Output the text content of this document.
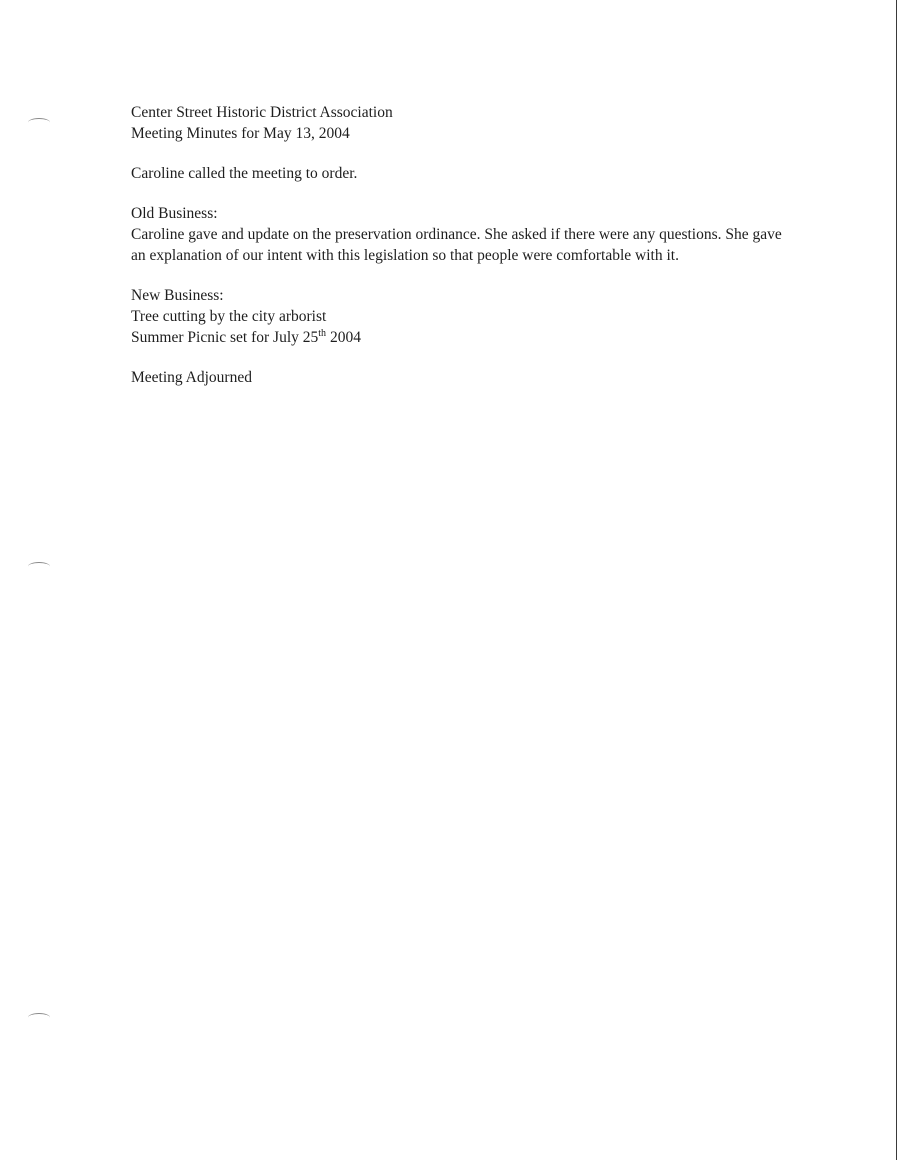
Center Street Historic District Association
Meeting Minutes for May 13, 2004
Caroline called the meeting to order.
Old Business:
Caroline gave and update on the preservation ordinance. She asked if there were any questions. She gave an explanation of our intent with this legislation so that people were comfortable with it.
New Business:
Tree cutting by the city arborist
Summer Picnic set for July 25th 2004
Meeting Adjourned
